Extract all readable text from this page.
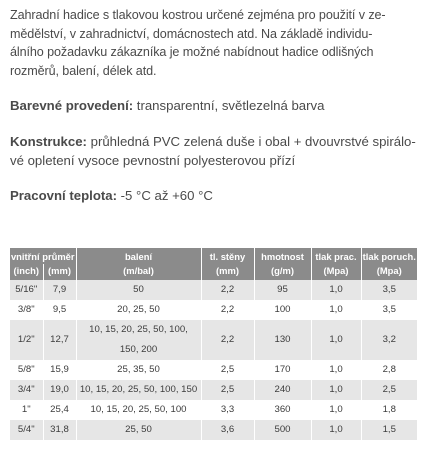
Zahradní hadice s tlakovou kostrou určené zejména pro použití v ze-
mědělství, v zahradnictví, domácnostech atd. Na základě individu-
álního požadavku zákazníka je možné nabídnout hadice odlišných
rozměrů, balení, délek atd.

Barevné provedení: transparentní, světlezelná barva

Konstrukce: průhledná PVC zelená duše i obal + dvouvrstvé spirálo-
vé opletení vysoce pevnostní polyesterovou přízí

Pracovní teplota: -5 °C až +60 °C

vnitřní průměr		balení	tl. stěny	hmotnost	tlak prac.	tlak poruch.
(inch)	(mm)	(m/bal)	(mm)	(g/m)	(Mpa)	(Mpa)
5/16"	7,9	50	2,2	95	1,0	3,5
3/8"	9,5	20, 25, 50	2,2	100	1,0	3,5
1/2"	12,7	10, 15, 20, 25, 50, 100,
150, 200	2,2	130	1,0	3,2
5/8"	15,9	25, 35, 50	2,5	170	1,0	2,8
3/4"	19,0	10, 15, 20, 25, 50, 100, 150	2,5	240	1,0	2,5
1"	25,4	10, 15, 20, 25, 50, 100	3,3	360	1,0	1,8
5/4"	31,8	25, 50	3,6	500	1,0	1,5
